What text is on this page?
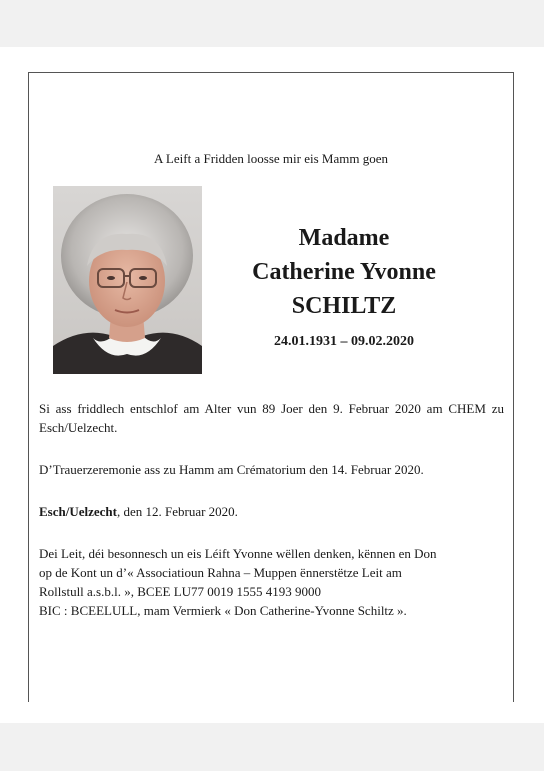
A Leift a Fridden loosse mir eis Mamm goen
Madame
Catherine Yvonne
SCHILTZ
24.01.1931 – 09.02.2020

Si ass friddlech entschlof am Alter vun 89 Joer den 9. Februar 2020 am CHEM zu Esch/Uelzecht.

D’Trauerzeremonie ass zu Hamm am Crématorium den 14. Februar 2020.

Esch/Uelzecht, den 12. Februar 2020.

Dei Leit, déi besonnesch un eis Léift Yvonne wëllen denken, kënnen en Don
op de Kont un d’« Associatioun Rahna – Muppen ënnerstëtze Leit am
Rollstull a.s.b.l. », BCEE LU77 0019 1555 4193 9000
BIC : BCEELULL, mam Vermierk « Don Catherine-Yvonne Schiltz ».
